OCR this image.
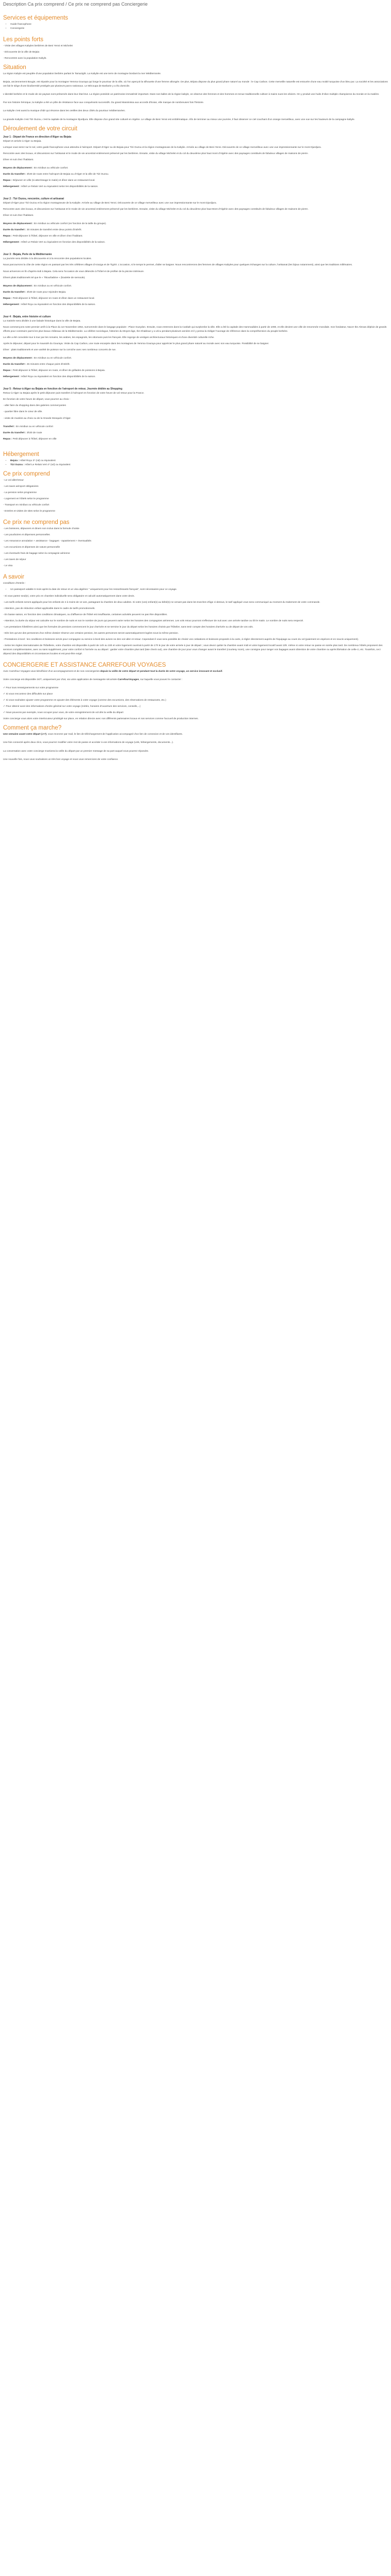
Description Ca prix comprend / Ce prix ne comprend pas Conciergerie
Services et équipements
• Guide francophone
• Conciergerie
Les points forts

- Visite des villages Kabyles berbères de Beni Yenni et Michelet

- Découverte de la ville de Bejaia

- Rencontres avec la population Kabyle.

Situation

La région Kabyle est peuplée d'une population berbère parlant le Tamazight. La Kabylie est une terre de montagne bordant la mer Méditerranée.

Bejaia, anciennement Bougie, est réputée pour la montagne Yemma Gouraya qui longe le pourtour de la ville, où l'on aperçoit la silhouette d'une femme allongée. De plus, Béjaïa dispose du plus grand phare naturel au monde : le Cap Carbon. Cette merveille naturelle est entourée d'une eau moitié turquoise d'un bleu pur. La société et les associations ont fait le siège d'une biodiversité protégée par plusieurs parcs nationaux. Le Mécoupa de Barbarie y a élu domicile.

L'identité berbère et le mode de vie paysan sont préservés dans leur état brut. La région possède un patrimoine immatériel important. Dans nos balles de la région kabyle, on observe des femmes et des hommes en tenue traditionnelle cultiver à mains nues les oliviers. On y produit une huile d'olive multiple championne du monde en la matière.

Par son histoire héroïque, la Kabylie a été un pôle de résistance face aux conquérants successifs. Du grand Massinissa aux accords d'Evian, elle marque de nombreuses fois l'histoire.

La Kabylie c'est aussi la musique d'Idir qui résonne dans les oreilles des deux côtés du pourtour méditerranéen.

La grande Kabylie c'est Tizi Ouzou, c'est la capitale de la montagne Djurdjura. Elle dispose d'un grand site culturel en Algérie. Le village de Beni Yenni est emblématique. Afin de terminer au mieux une journée, il faut observer ce ciel couchant d'un orange merveilleux, avec une vue sur les hauteurs de la campagne kabyle.

Déroulement de votre circuit
Jour 1 : Départ de France en direction d'Alger ou Bejaia

Départ et arrivée à Alger ou Bejaia.

Lorsque vous serez sur le sol, votre guide francophone vous attendra à l'aéroport. Départ d'Alger ou de Bejaia pour Tizi Ouzou et la région montagneuse de la Kabylie. Arrivée au village de Beni Yenni. Découverte de ce village merveilleux avec une vue impressionnante sur le mont Djurdjura.

Rencontre avec des locaux, et discussions sur l'artisanat et le mode de vie ancestral entièrement préservé par les berbères. Ensuite, visite du village Michelet et du col du deuxième plus haut mont d'Algérie avec des paysages constitués de fabuleux villages de maisons de pierre.

Dîner et nuit chez l'habitant.

Moyens de déplacement : En minibus ou véhicule confort.

Durée du transfert : 3h30 de route entre l'aéroport de Bejaia ou d'Alger et la ville de Tizi Ouzou.

Repas : Déjeuner en ville (si atterrissage le matin) et dîner dans un restaurant local.

Hébergement : Hôtel Le Relais Vert ou équivalent selon les disponibilités de la saison.

Jour 2 : Tizi Ouzou, rencontre, culture et artisanat

Départ d'Alger pour Tizi Ouzou et la région montagneuse de la Kabylie. Arrivée au village de Beni Yenni. Découverte de ce village merveilleux avec une vue impressionnante sur le mont Djurdjura.

Rencontre avec des locaux, et discussions sur l'artisanat et le mode de vie ancestral entièrement préservé par les berbères. Ensuite, visite du village Michelet et du col du deuxième plus haut Mont d'Algérie avec des paysages constitués de fabuleux villages de maisons de pierre.

Dîner et nuit chez l'habitant.

Moyens de déplacement : En minibus ou véhicule confort (en fonction de la taille du groupe).

Durée du transfert : 30 minutes de transfert entre deux points d'intérêt.

Repas : Petit-déjeuner à l'hôtel, déjeuner en ville et dîner chez l'habitant.

Hébergement : Hôtel Le Relais Vert ou équivalent en fonction des disponibilités de la saison.

Jour 3 : Bejaïa, Perle de la Méditerranée

La journée sera dédiée à la découverte et à la rencontre des populations locales.

Nous parcourrons la côte de cette région en passant par les très célèbres villages d'Azazga et de Tigzirt. L'occasion, si le temps le permet, d'aller se baigner. Nous rencontrerons des femmes de villages Kabyles pour quelques échanges sur la culture, l'artisanat (les bijoux notamment), ainsi que les traditions millénaires.

Nous arriverons en fin d'après-midi à Bejaïa. Cela sera l'occasion de vous détendre à l'hôtel et de profiter de la piscine intérieure.

Dîners plats traditionnels tel que le « Tikourbabine » (boulette de semoule).

Moyens de déplacement : En minibus ou en véhicule confort.

Durée du transfert : 3h30 de route pour rejoindre Bejaia.

Repas : Petit déjeuner à l'hôtel, déjeuner en route et dîner dans un restaurant local.

Hébergement : Hôtel Royu ou équivalent en fonction des disponibilités de la saison.

Jour 4 : Bejaïa, entre histoire et culture

La matinée sera dédiée à une balade historique dans la ville de Bejaïa.

Nous commençons notre premier arrêt à la Place du 1er Novembre 1954, surnommée dans le langage populaire : Place Gueydon. Ensuite, nous entrerons dans la Casbah qui surplombe la ville. Elle a été la capitale des Hammadides à partir de 1090, et elle devient une ville de renommée mondiale. Son fondateur, Nacer Ibn Alnnas déploie de grands efforts pour construire parmi les plus beaux châteaux de la Méditerranée. La célèbre sociologue, historien du Moyen-âge, Ibn Khaldoun y a vécu pendant plusieurs années et il y pensa la rédiger l'ouvrage de référence dans la compréhension du peuple berbère.

La ville a été convoitée tour à tour par les romains, les arabes, les espagnols, les ottomans puis les français. Elle regorge de vestiges architecturaux historiques et d'une diversité culturelle riche.

Après le déjeuner, départ pour le mausolé du Gouraya. Visite du Cap Carbon, une route escarpée dans les montagnes de Yemma Gouraya pour apprécier le plus grand phare naturel au monde avec son eau turquoise. Possibilité de se baigner.

Dîner : plats traditionnels et une variété de poisson sur la corniche avec ses nombreux concerts de rue.

Moyens de déplacement : En minibus ou en véhicule confort.

Durée du transfert : 45 minutes entre chaque point d'intérêt.

Repas : Petit déjeuner à l'hôtel, déjeuner en route, et dîner de grillades de poissons à Bejaia.

Hébergement : Hôtel Royu ou équivalent en fonction des disponibilités de la saison.

Jour 5 : Retour à Alger ou Bejaia en fonction de l'aéroport de retour, Journée dédiée au Shopping

Retour à Alger ou Bejaia après le petit déjeuner puis transfert à l'aéroport en fonction de votre heure de vol retour pour la France.

En fonction de votre heure de départ, vous pourrez au choix :

- aller faire du shopping dans des galeries commerçantes

- quartier libre dans le cœur de ville.

- visite de musées au choix ou de la Grande Mosquée d'Alger.

Transfert : En minibus ou en véhicule confort

Durée du transfert : 3h30 de route

Repas : Petit déjeuner à l'hôtel, déjeuner en ville

Hébergement
• Bejaia : Hôtel Royu 3* (nd) ou équivalent
• Tizi Ouzou : Hôtel Le Relais Vert 4* (nd) ou équivalent
Ce prix comprend

- Le vol aller/retour

- Les taxes aéroport obligatoires

- La pension selon programme

- Logement en hôtels selon le programme

- Transport en minibus ou véhicule confort

- Entrées et visites de sites selon le programme

Ce prix ne comprend pas

- Les boissons, déjeuners et diners non inclus dans la formule choisie

- Les pourboires et dépenses personnelles

- Les Assurance annulation + assistance - bagages - rapatriement + éventualités

- Les excursions et dépenses de nature personnelle

- Les éventuels frais de bagage selon la compagnie aérienne

- Les taxes de séjour

- Le visa

A savoir

Conditions d'entrée :

• Un passeport valable 6 mois après la date de retour et un visa algérien " uniquement pour les ressortissants français", sont nécessaires pour ce voyage.

- Si vous partez seul(e), votre prix en chambre individuelle sera obligatoire et calculé automatiquement dans votre devis.

- Les tarifs enfants seront appliqués pour les enfants de 2 à moins de 12 ans, partageant la chambre de deux adultes. Si votre (vos) enfant(s) au bébé(s) ne venant pas dans les tranches d'âge ci-dessus, le tarif appliqué vous sera communiqué au moment du traitement de votre commande.

- Attention, pas de réduction enfant applicable dans le cadre de tarifs promotionnels.

- En basse saison, en fonction des conditions climatiques, ou d'affluence de l'hôtel est insuffisante, certaines activités peuvent ne pas être disponibles.

- Attention, la durée du séjour est calculée sur le nombre de nuits et non le nombre de jours qui peuvent varier selon les horaires des compagnies aériennes. Les vols retour pourront s'effectuer de nuit avec une arrivée tardive ou tôt le matin. Le nombre de nuits sera respecté.

- Les prestations hôtelières ainsi que les formules de pensions commencent le jour d'arrivée et se termine le jour du départ selon les horaires choisis par l'hôtelier, sans tenir compte des horaires d'arrivée ou de départ de vos vols.

- Dès lors qu'une des personnes d'un même dossier réserve une certaine pension, les autres personnes seront automatiquement logées sous la même pension.

- Prestations à bord : les conditions et boissons servis pour compagnie ou service à bord des avions ne des voir aller et retour. Cependant il vous sera possible de choisir vos cotisations et boissons proposés à la carte, à régler directement auprès de l'équipage au cours du vol (paiement en espèces et en soucis uniquement).

- Selon les règles internationales de l'hôtellerie, votre chambre est disponible à partir de 14h ou 15h et votre logement ouvrirait à partir de 17h le jour de votre arrivée à jour de départ ; vous devez quitter la chambre avant midi et votre logement locatif avant 10h. même si votre retour se passe en soirée plus tard. De nombreux hôtels proposent des services complémentaires, avec ou sans supplément, pour votre confort si l'arrivée ou au départ : garder votre chambre plus tard (late check out), une chambre de jour pour vous changer avant le transfert (courtesy room), une consigne pour ranger vos bagages avant obtention de votre chambre ou après libération de celle-ci, etc. Toutefois, ceci dépend des disponibilités et circonstances locales et est peut-être exigé.

CONCIERGERIE ET ASSISTANCE CARREFOUR VOYAGES

Avec Carrefour Voyages vous bénéficiez d'un accompagnement et de nos conciergeries depuis la veille de votre départ et pendant tout la durée de votre voyage, un service innovant et exclusif.

Votre concierge est disponible 24/7, uniquement par chat, via votre application de messagerie sécurisée CarrefourVoyages, sur laquelle vous pouvez le contacter :

✓ Pour tous renseignements sur votre programme

✓ Si vous rencontrez des difficultés sur place

✓ Si vous souhaitez ajouter votre programme en ajouter des éléments à votre voyage (comme des excursions, des réservations de restaurants, etc.)

✓ Pour obtenir avoir des informations d'ordre général sur votre voyage (météo, horaires d'ouverture des services, conseils,...)

✓ Nous pouvons par exemple, nous occuper pour vous, de votre enregistrement de vol dès la veille du départ

Votre concierge vous alors votre interlocuteur privilégié sur place, en relation directe avec nos différents partenaires locaux et nos services comme l'accueil de production internes.

Comment ça marche?

Une semaine avant votre départ (J-7), vous recevrez par mail, le lien de téléchargement de l'application accompagné d'un lien de connexion et de vos identifiants.

Une fois connecté après deux clics, vous pourrez modifier votre mot de passe et accéder à vos informations de voyage (vols, hébergements, documents...).

La conversation avec votre concierge s'activera la veille du départ par un premier message de sa part auquel vous pourrez répondre.

Une nouvelle fois, nous vous souhaitons un très bon voyage et nous vous remercions de votre confiance.
